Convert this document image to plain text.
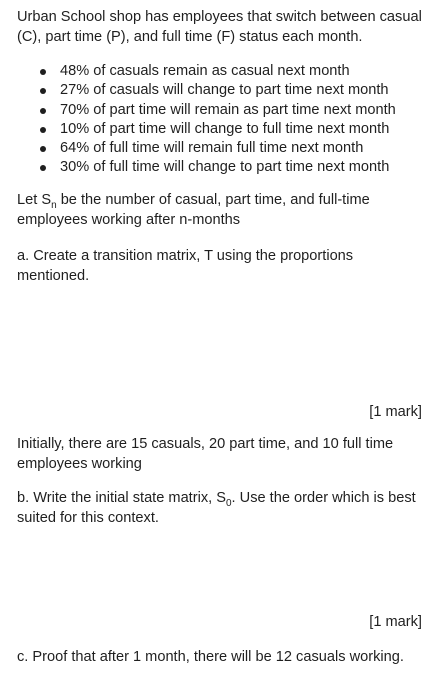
Urban School shop has employees that switch between casual (C), part time (P), and full time (F) status each month.

48% of casuals remain as casual next month
27% of casuals will change to part time next month
70% of part time will remain as part time next month
10% of part time will change to full time next month
64% of full time will remain full time next month
30% of full time will change to part time next month

Let $S_n$ be the number of casual, part time, and full-time employees working after n-months

a. Create a transition matrix, T using the proportions mentioned.

[1 mark]

Initially, there are 15 casuals, 20 part time, and 10 full time employees working

b. Write the initial state matrix, $S_0$. Use the order which is best suited for this context.

[1 mark]

c. Proof that after 1 month, there will be 12 casuals working.
